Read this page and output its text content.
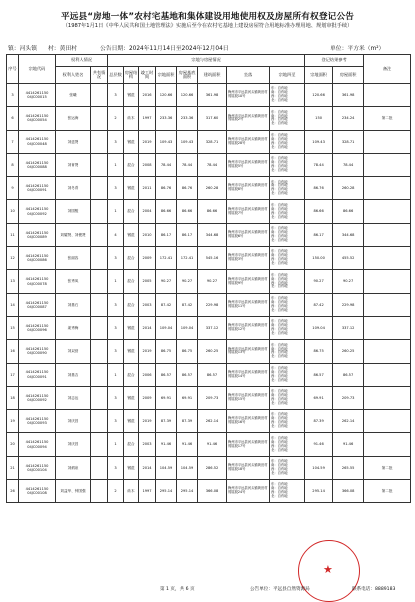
平远县“房地一体”农村宅基地和集体建设用地使用权及房屋所有权登记公告
（1987年1月1日《中华人民共和国土地管理法》实施后至今在农村宅基地上建设房屋符合用地标准办理用地、规划审批手续）
镇：河头镇 村：黄田村	公告日期：2024年11月14日至2024年12月04日	单位：平方米（m²）
序号	宗地代码	权利人情况		宗地与房屋情况								登记结果参考		备注
		权利人姓名	共有情况	总层数	房屋结构	竣工时间	宗地面积	房屋基底面积	建筑面积	坐落	宗地四至	宗地面积	房屋面积	
3	4414261150 04JC00015	张曦		3	钢混	2016	120.66	120.66	361.98	梅州市平远县河头镇黄田村郭屋段10号	东：自有地
南：自有地
西：自有地
北：自有地	120.66	361.98	
6	4414261150 04JC00054	张运海		2	砖木	1997	233.36	233.36	317.60	梅州市平远县河头镇黄田村郭屋段2号	东：自有地
南：自有地
西：自有地
北：自有地	150	234.24	第二批
7	4414261150 04JC00048	刘廷贤		3	钢混	2019	109.43	109.43	328.71	梅州市平远县河头镇黄田村郭屋段28号	东：自有地
南：自有地
西：自有地
北：自有地	109.43	328.71	
8	4414261150 04JC00088	刘育贤		1	混合	2008	78.44	78.44	78.44	梅州市平远县河头镇黄田村郭屋段5号	东：自有地
南：自有地
西：自有地
北：自有地	78.44	78.44	
9	4414261150 04JC00091	刘冬青		3	钢混	2011	86.76	86.76	260.28	梅州市平远县河头镇黄田村郭屋段8号	东：自有地
南：自有地
西：自有地
北：自有地	86.76	260.28	
10	4414261150 04JC00092	刘国骏		1	混合	2004	86.66	86.66	86.66	梅州市平远县河头镇黄田村郭屋段7号	东：自有地
南：自有地
西：自有地
北：自有地	86.66	86.66	
11	4414261150 04JC00089	刘耀贤、刘俊贤		4	钢混	2010	86.17	86.17	344.68	梅州市平远县河头镇黄田村郭屋段6号	东：自有地
南：自有地
西：自有地
北：自有地	86.17	344.68	
12	4414261150 04JC00086	张丽容		3	混合	2009	172.41	172.41	545.16	梅州市平远县河头镇黄田村郭屋段3号	东：自有地
南：自有地
西：自有地
北：自有地	150.00	455.52	
13	4414261150 04JC00078	张秀凤		1	混合	2005	90.27	90.27	90.27	梅州市平远县河头镇黄田村郭屋段9号	东：自有地
南：自有地
西：自有地
北：自有地	90.27	90.27	
14	4414261150 04JC00087	刘基石		3	混合	2003	87.42	87.42	229.98	梅州市平远县河头镇黄田村郭屋段11号	东：自有地
南：自有地
西：自有地
北：自有地	87.42	229.98	
15	4414261150 04JC00096	姜秀梅		3	钢混	2014	109.04	109.04	337.12	梅州市平远县河头镇黄田村郭屋段12号	东：自有地
南：自有地
西：自有地
北：自有地	109.04	337.12	
16	4414261150 04JC00090	刘双营		3	钢混	2019	86.75	86.75	260.25	梅州市平远县河头镇黄田村郭屋段13号	东：自有地
南：自有地
西：自有地
北：自有地	86.75	260.25	
17	4414261150 04JC00091	刘基吉		1	混合	2006	86.57	86.57	86.57	梅州市平远县河头镇黄田村郭屋段14号	东：自有地
南：自有地
西：自有地
北：自有地	86.57	86.57	
18	4414261150 04JC00092	刘志达		3	钢混	2009	69.91	69.91	209.73	梅州市平远县河头镇黄田村郭屋段15号	东：自有地
南：自有地
西：自有地
北：自有地	69.91	209.73	
19	4414261150 04JC00093	刘庆昌		3	钢混	2019	87.39	87.39	262.14	梅州市平远县河头镇黄田村郭屋段16号	东：自有地
南：自有地
西：自有地
北：自有地	87.39	262.14	
20	4414261150 04JC00094	刘庆昌		1	混合	2003	91.46	91.46	91.46	梅州市平远县河头镇黄田村郭屋段17号	东：自有地
南：自有地
西：自有地
北：自有地	91.46	91.46	
21	4414261150 04JC00104	刘炳泉		3	钢混	2014	104.59	104.59	286.52	梅州市平远县河头镇黄田村郭屋段18号	东：自有地
南：自有地
西：自有地
北：自有地	104.59	265.55	第二批
26	4414261150 04JC00108	刘益华、钟国强		2	砖木	1997	295.14	295.14	366.08	梅州市平远县河头镇黄田村郭屋段24号	东：自有地
南：自有地
西：自有地
北：自有地	295.14	366.08	第二批
★
第 1 页，共 6 页	公告单位：平远县自然资源局	联系电话：8889183
